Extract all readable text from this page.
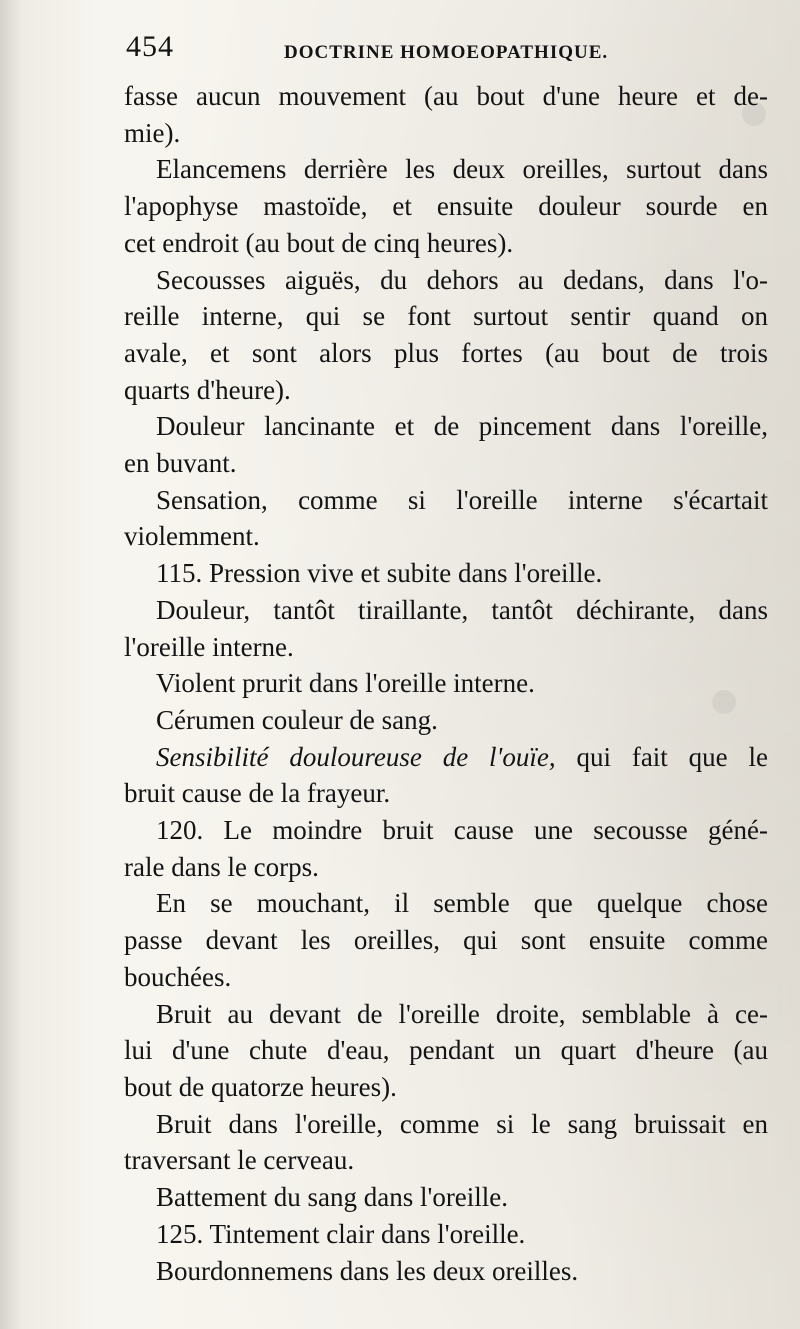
454	DOCTRINE HOMOEOPATHIQUE.
fasse aucun mouvement (au bout d'une heure et de-
mie).
Elancemens derrière les deux oreilles, surtout dans
l'apophyse mastoïde, et ensuite douleur sourde en
cet endroit (au bout de cinq heures).
Secousses aiguës, du dehors au dedans, dans l'o-
reille interne, qui se font surtout sentir quand on
avale, et sont alors plus fortes (au bout de trois
quarts d'heure).
Douleur lancinante et de pincement dans l'oreille,
en buvant.
Sensation, comme si l'oreille interne s'écartait
violemment.
115. Pression vive et subite dans l'oreille.
Douleur, tantôt tiraillante, tantôt déchirante, dans
l'oreille interne.
Violent prurit dans l'oreille interne.
Cérumen couleur de sang.
Sensibilité douloureuse de l'ouïe, qui fait que le
bruit cause de la frayeur.
120. Le moindre bruit cause une secousse géné-
rale dans le corps.
En se mouchant, il semble que quelque chose
passe devant les oreilles, qui sont ensuite comme
bouchées.
Bruit au devant de l'oreille droite, semblable à ce-
lui d'une chute d'eau, pendant un quart d'heure (au
bout de quatorze heures).
Bruit dans l'oreille, comme si le sang bruissait en
traversant le cerveau.
Battement du sang dans l'oreille.
125. Tintement clair dans l'oreille.
Bourdonnemens dans les deux oreilles.
